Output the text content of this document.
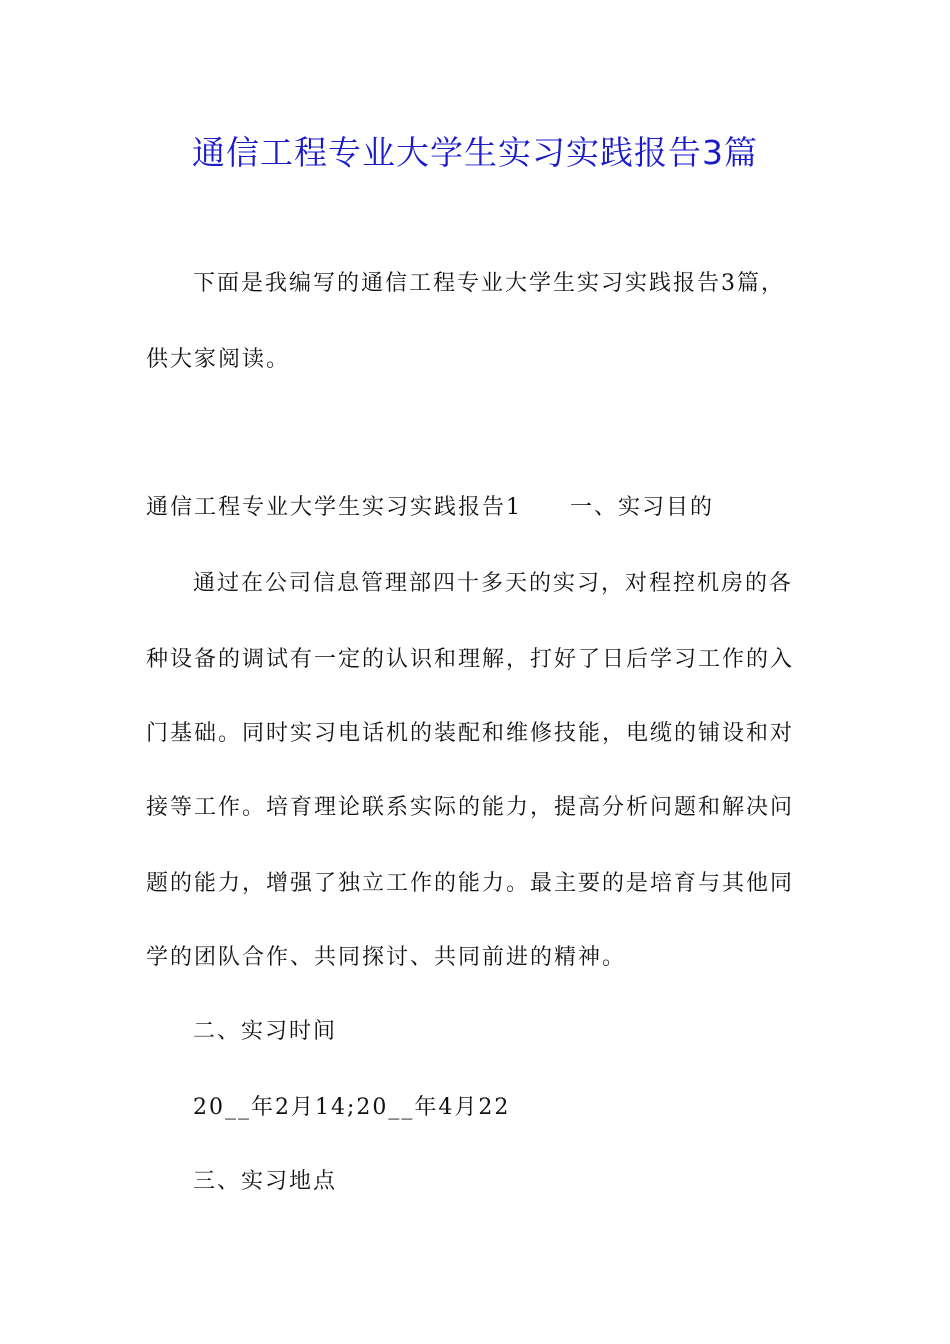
通信工程专业大学生实习实践报告3篇

下面是我编写的通信工程专业大学生实习实践报告3篇，

供大家阅读。

通信工程专业大学生实习实践报告1　　一、实习目的

通过在公司信息管理部四十多天的实习，对程控机房的各

种设备的调试有一定的认识和理解，打好了日后学习工作的入

门基础。同时实习电话机的装配和维修技能，电缆的铺设和对

接等工作。培育理论联系实际的能力，提高分析问题和解决问

题的能力，增强了独立工作的能力。最主要的是培育与其他同

学的团队合作、共同探讨、共同前进的精神。

二、实习时间

20__年2月14;20__年4月22

三、实习地点
